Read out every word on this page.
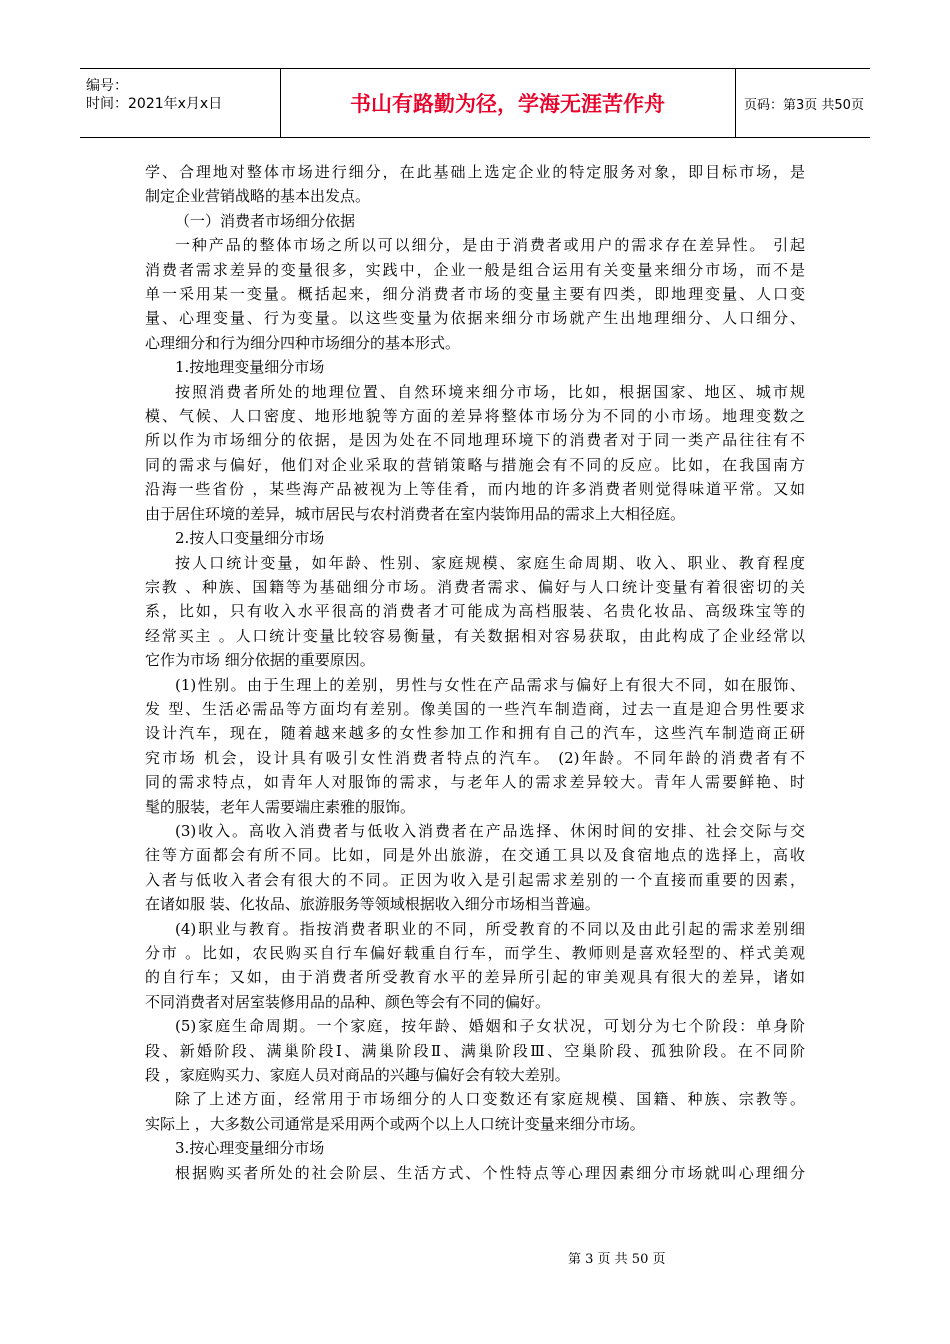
编号：
时间：2021年x月x日	书山有路勤为径，学海无涯苦作舟	页码：第3页 共50页
学、合理地对整体市场进行细分，在此基础上选定企业的特定服务对象，即目标市场，是
制定企业营销战略的基本出发点。
（一）消费者市场细分依据
一种产品的整体市场之所以可以细分，是由于消费者或用户的需求存在差异性。 引起
消费者需求差异的变量很多，实践中，企业一般是组合运用有关变量来细分市场，而不是
单一采用某一变量。概括起来，细分消费者市场的变量主要有四类，即地理变量、人口变
量、心理变量、行为变量。以这些变量为依据来细分市场就产生出地理细分、人口细分、
心理细分和行为细分四种市场细分的基本形式。
1.按地理变量细分市场
按照消费者所处的地理位置、自然环境来细分市场，比如，根据国家、地区、城市规
模、气候、人口密度、地形地貌等方面的差异将整体市场分为不同的小市场。地理变数之
所以作为市场细分的依据，是因为处在不同地理环境下的消费者对于同一类产品往往有不
同的需求与偏好，他们对企业采取的营销策略与措施会有不同的反应。比如，在我国南方
沿海一些省份 ，某些海产品被视为上等佳肴，而内地的许多消费者则觉得味道平常。又如
由于居住环境的差异，城市居民与农村消费者在室内装饰用品的需求上大相径庭。
2.按人口变量细分市场
按人口统计变量，如年龄、性别、家庭规模、家庭生命周期、收入、职业、教育程度
宗教 、种族、国籍等为基础细分市场。消费者需求、偏好与人口统计变量有着很密切的关
系，比如，只有收入水平很高的消费者才可能成为高档服装、名贵化妆品、高级珠宝等的
经常买主 。人口统计变量比较容易衡量，有关数据相对容易获取，由此构成了企业经常以
它作为市场 细分依据的重要原因。
(1)性别。由于生理上的差别，男性与女性在产品需求与偏好上有很大不同，如在服饰、
发 型、生活必需品等方面均有差别。像美国的一些汽车制造商，过去一直是迎合男性要求
设计汽车，现在，随着越来越多的女性参加工作和拥有自己的汽车，这些汽车制造商正研
究市场 机会，设计具有吸引女性消费者特点的汽车。 (2)年龄。不同年龄的消费者有不
同的需求特点，如青年人对服饰的需求，与老年人的需求差异较大。青年人需要鲜艳、时
髦的服装，老年人需要端庄素雅的服饰。
(3)收入。高收入消费者与低收入消费者在产品选择、休闲时间的安排、社会交际与交
往等方面都会有所不同。比如，同是外出旅游，在交通工具以及食宿地点的选择上，高收
入者与低收入者会有很大的不同。正因为收入是引起需求差别的一个直接而重要的因素，
在诸如服 装、化妆品、旅游服务等领域根据收入细分市场相当普遍。
(4)职业与教育。指按消费者职业的不同，所受教育的不同以及由此引起的需求差别细
分市 。比如，农民购买自行车偏好载重自行车，而学生、教师则是喜欢轻型的、样式美观
的自行车；又如，由于消费者所受教育水平的差异所引起的审美观具有很大的差异，诸如
不同消费者对居室装修用品的品种、颜色等会有不同的偏好。
(5)家庭生命周期。一个家庭，按年龄、婚姻和子女状况，可划分为七个阶段：单身阶
段、新婚阶段、满巢阶段Ⅰ、满巢阶段Ⅱ、满巢阶段Ⅲ、空巢阶段、孤独阶段。在不同阶
段 ，家庭购买力、家庭人员对商品的兴趣与偏好会有较大差别。
除了上述方面，经常用于市场细分的人口变数还有家庭规模、国籍、种族、宗教等。
实际上 ，大多数公司通常是采用两个或两个以上人口统计变量来细分市场。
3.按心理变量细分市场
根据购买者所处的社会阶层、生活方式、个性特点等心理因素细分市场就叫心理细分
第 3 页 共 50 页
